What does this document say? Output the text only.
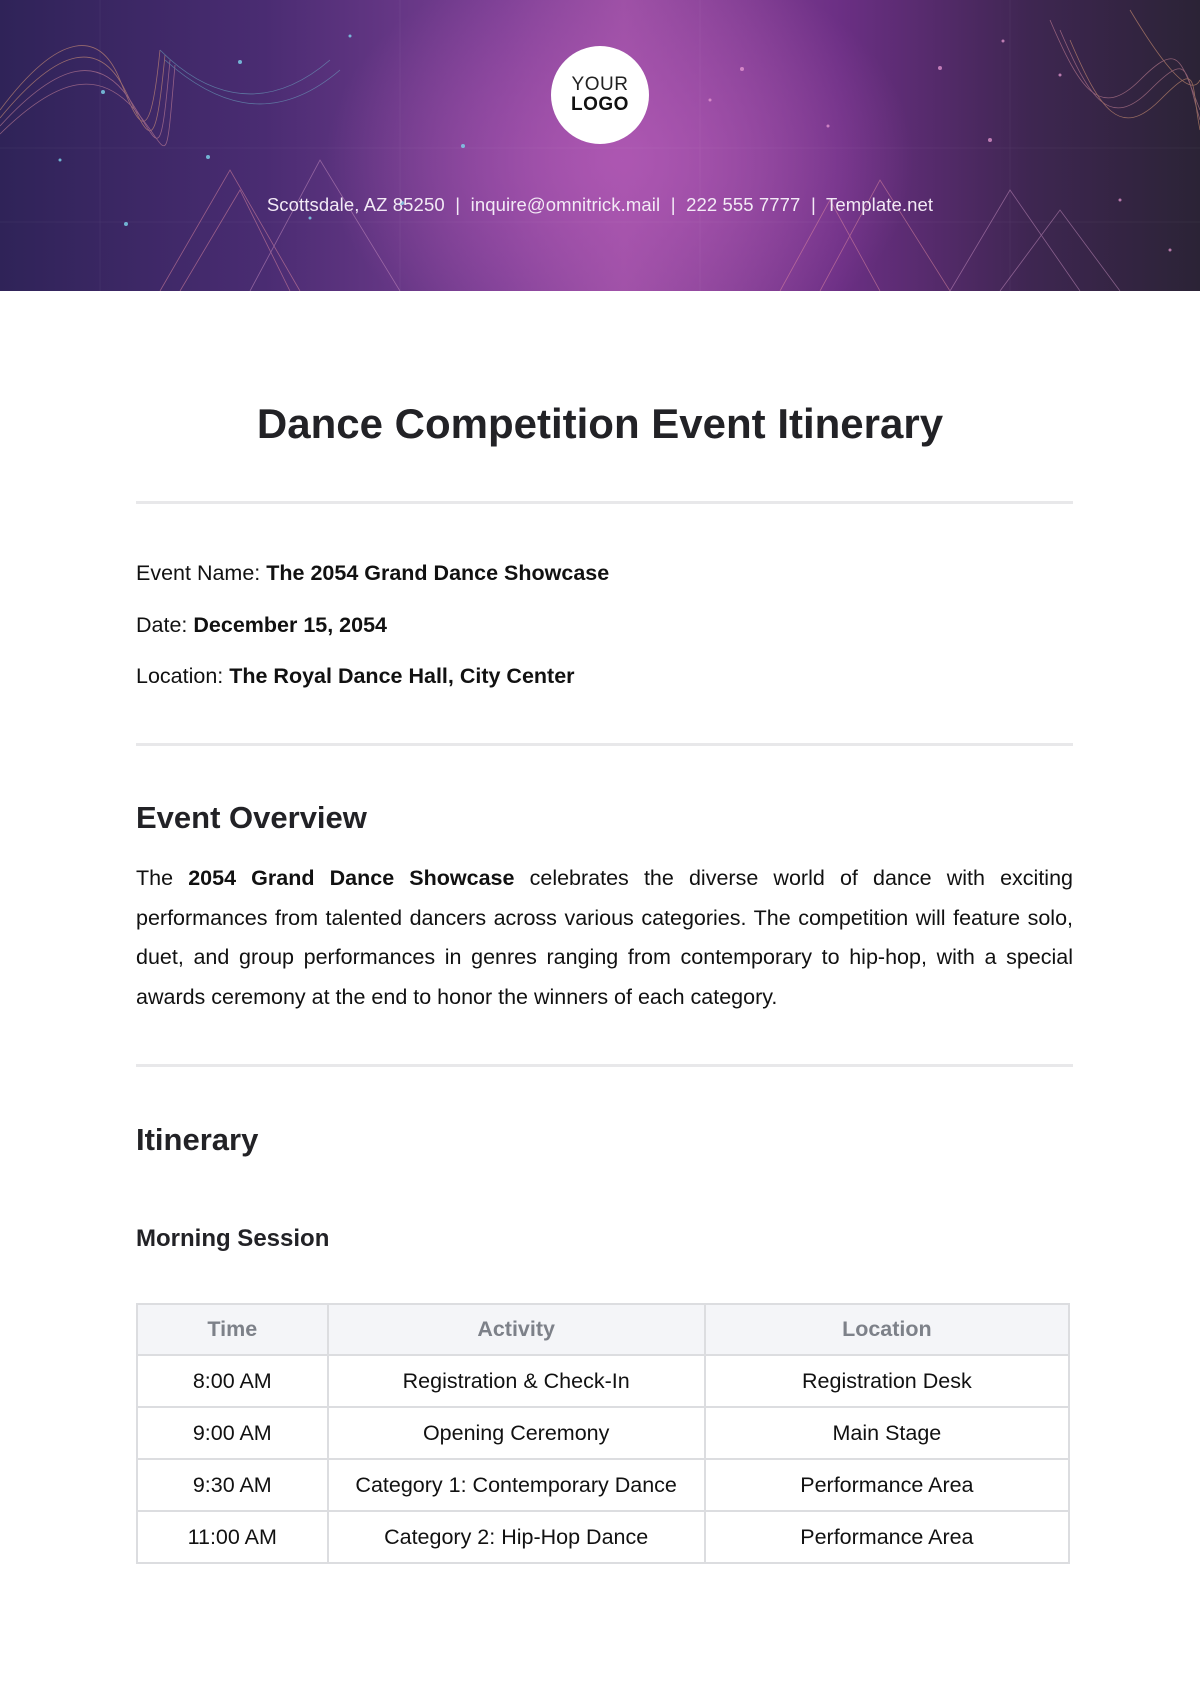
YOUR
LOGO
Scottsdale, AZ 85250 | inquire@omnitrick.mail | 222 555 7777 | Template.net
Dance Competition Event Itinerary
Event Name: The 2054 Grand Dance Showcase
Date: December 15, 2054
Location: The Royal Dance Hall, City Center
Event Overview

The 2054 Grand Dance Showcase celebrates the diverse world of dance with exciting performances from talented dancers across various categories. The competition will feature solo, duet, and group performances in genres ranging from contemporary to hip-hop, with a special awards ceremony at the end to honor the winners of each category.

Itinerary
Morning Session
Time	Activity	Location
8:00 AM	Registration & Check-In	Registration Desk
9:00 AM	Opening Ceremony	Main Stage
9:30 AM	Category 1: Contemporary Dance	Performance Area
11:00 AM	Category 2: Hip-Hop Dance	Performance Area
